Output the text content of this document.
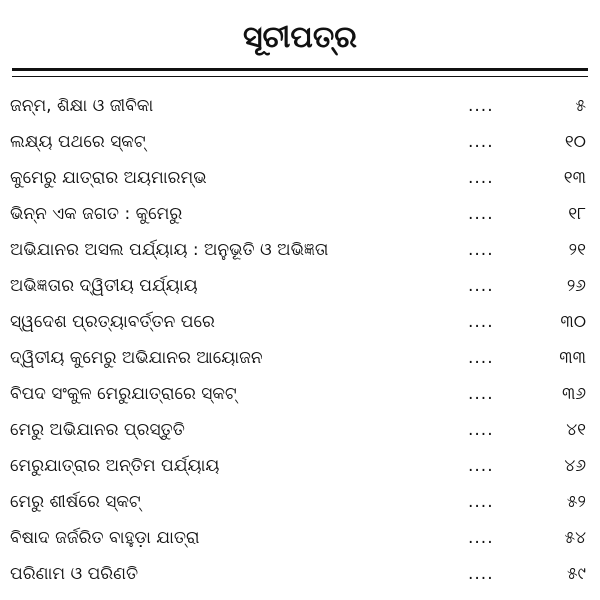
ସୂଚୀପତ୍ର
ଜନ୍ମ, ଶିକ୍ଷା ଓ ଜୀବିକା	....	୫
ଲକ୍ଷ୍ୟ ପଥରେ ସ୍କଟ୍	....	୧୦
କୁମେରୁ ଯାତ୍ରାର ଅୟମାରମ୍ଭ	....	୧୩
ଭିନ୍ନ ଏକ ଜଗତ : କୁମେରୁ	....	୧୮
ଅଭିଯାନର ଅସଲ ପର୍ଯ୍ୟାୟ : ଅନୁଭୂତି ଓ ଅଭିଜ୍ଞତା	....	୨୧
ଅଭିଜ୍ଞତାର ଦ୍ୱିତୀୟ ପର୍ଯ୍ୟାୟ	....	୨୬
ସ୍ୱଦେଶ ପ୍ରତ୍ୟାବର୍ତ୍ତନ ପରେ	....	୩୦
ଦ୍ୱିତୀୟ କୁମେରୁ ଅଭିଯାନର ଆୟୋଜନ	....	୩୩
ବିପଦ ସଂକୁଳ ମେରୁଯାତ୍ରାରେ ସ୍କଟ୍	....	୩୬
ମେରୁ ଅଭିଯାନର ପ୍ରସ୍ତୁତି	....	୪୧
ମେରୁଯାତ୍ରାର ଅନ୍ତିମ ପର୍ଯ୍ୟାୟ	....	୪୬
ମେରୁ ଶୀର୍ଷରେ ସ୍କଟ୍	....	୫୨
ବିଷାଦ ଜର୍ଜରିତ ବାହୁଡ଼ା ଯାତ୍ରା	....	୫୪
ପରିଣାମ ଓ ପରିଣତି	....	୫୯
